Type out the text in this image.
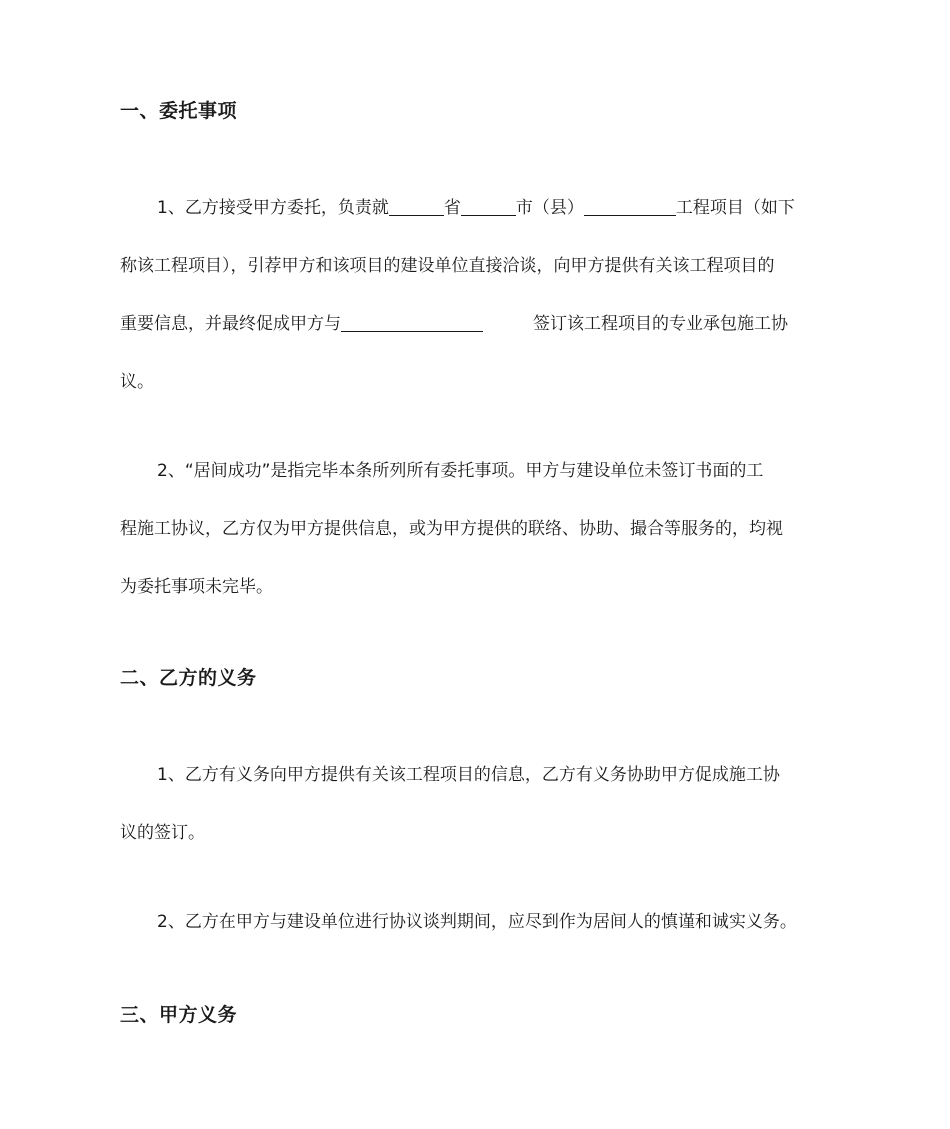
一、委托事项
1、乙方接受甲方委托，负责就	省	市（县）	工程项目（如下
称该工程项目），引荐甲方和该项目的建设单位直接洽谈，向甲方提供有关该工程项目的
重要信息，并最终促成甲方与	签订该工程项目的专业承包施工协
议。
2、“居间成功”是指完毕本条所列所有委托事项。甲方与建设单位未签订书面的工
程施工协议，乙方仅为甲方提供信息，或为甲方提供的联络、协助、撮合等服务的，均视
为委托事项未完毕。
二、乙方的义务
1、乙方有义务向甲方提供有关该工程项目的信息，乙方有义务协助甲方促成施工协
议的签订。
2、乙方在甲方与建设单位进行协议谈判期间，应尽到作为居间人的慎谨和诚实义务。
三、甲方义务
